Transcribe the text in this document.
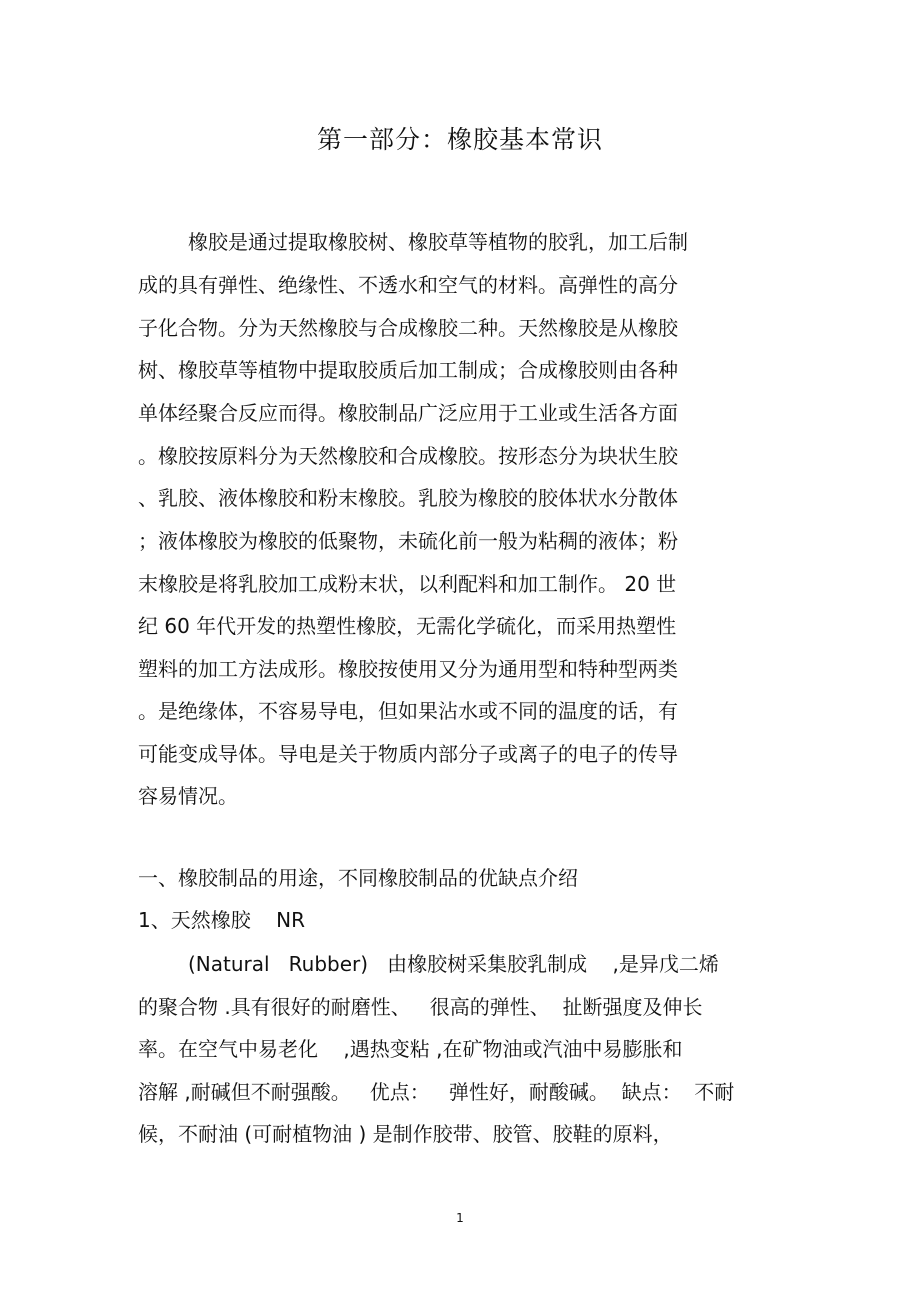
第一部分：橡胶基本常识
橡胶是通过提取橡胶树、橡胶草等植物的胶乳，加工后制
成的具有弹性、绝缘性、不透水和空气的材料。高弹性的高分
子化合物。分为天然橡胶与合成橡胶二种。天然橡胶是从橡胶
树、橡胶草等植物中提取胶质后加工制成；合成橡胶则由各种
单体经聚合反应而得。橡胶制品广泛应用于工业或生活各方面
。橡胶按原料分为天然橡胶和合成橡胶。按形态分为块状生胶
、乳胶、液体橡胶和粉末橡胶。乳胶为橡胶的胶体状水分散体
；液体橡胶为橡胶的低聚物，未硫化前一般为粘稠的液体；粉
末橡胶是将乳胶加工成粉末状，以利配料和加工制作。 20 世
纪 60 年代开发的热塑性橡胶，无需化学硫化，而采用热塑性
塑料的加工方法成形。橡胶按使用又分为通用型和特种型两类
。是绝缘体，不容易导电，但如果沾水或不同的温度的话，有
可能变成导体。导电是关于物质内部分子或离子的电子的传导
容易情况。
一、橡胶制品的用途，不同橡胶制品的优缺点介绍
1、天然橡胶    NR
(Natural   Rubber)   由橡胶树采集胶乳制成    ,是异戊二烯
的聚合物 .具有很好的耐磨性、   很高的弹性、  扯断强度及伸长
率。在空气中易老化    ,遇热变粘 ,在矿物油或汽油中易膨胀和
溶解 ,耐碱但不耐强酸。   优点：   弹性好，耐酸碱。  缺点：  不耐
候，不耐油 (可耐植物油 ) 是制作胶带、胶管、胶鞋的原料，
1
